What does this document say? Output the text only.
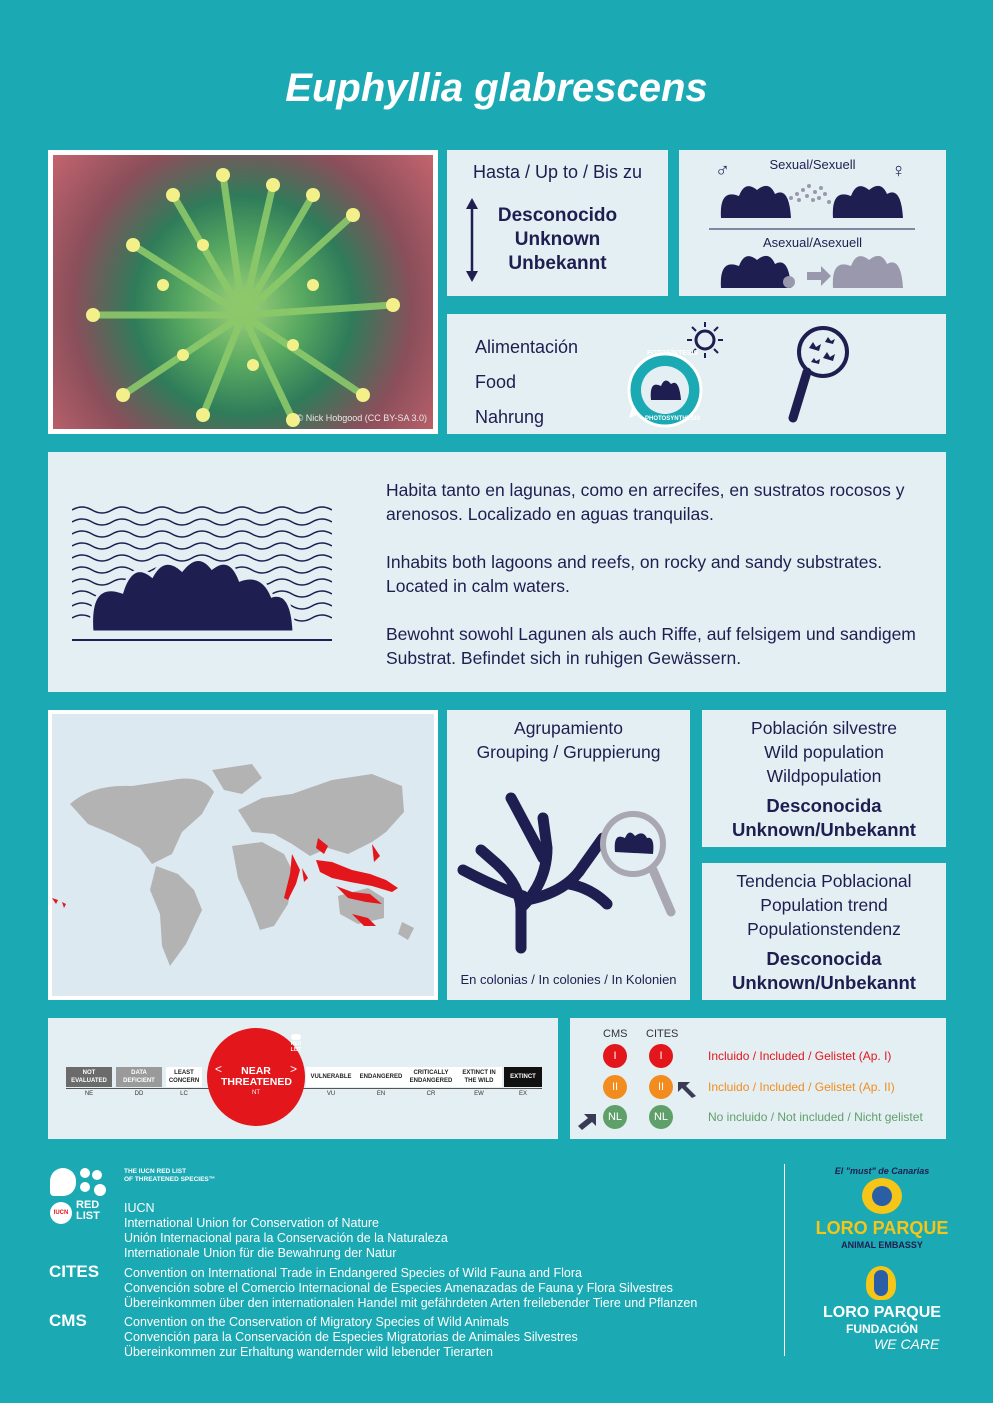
Euphyllia glabrescens
© Nick Hobgood (CC BY-SA 3.0)
Hasta / Up to / Bis zu
Desconocido
Unknown
Unbekannt
Sexual/Sexuell
♂	♀
Asexual/Asexuell
Alimentación
Food
Nahrung
FOTOSÍNTESIS
PHOTOSYNTHESIS

Habita tanto en lagunas, como en arrecifes, en sustratos rocosos y arenosos. Localizado en aguas tranquilas.

Inhabits both lagoons and reefs, on rocky and sandy substrates. Located in calm waters.

Bewohnt sowohl Lagunen als auch Riffe, auf felsigem und sandigem Substrat. Befindet sich in ruhigen Gewässern.

Agrupamiento
Grouping / Gruppierung
En colonias / In colonies / In Kolonien
Población silvestre
Wild population
Wildpopulation
Desconocida
Unknown/Unbekannt
Tendencia Poblacional
Population trend
Populationstendenz
Desconocida
Unknown/Unbekannt
NOT EVALUATED
DATA DEFICIENT
LEAST CONCERN
VULNERABLE	ENDANGERED
CRITICALLY ENDANGERED
EXTINCT IN THE WILD
EXTINCT
NE	DD	LC	VU	EN	CR	EW	EX
<	>
NEAR THREATENED
NT
RED
LIST
CMS CITES
I	I
II	II
NL	NL
Incluido / Included / Gelistet (Ap. I)
Incluido / Included / Gelistet (Ap. II)
No incluido / Not included / Nicht gelistet
IUCN
RED
LIST
THE IUCN RED LIST
OF THREATENED SPECIES™
IUCN
International Union for Conservation of Nature
Unión Internacional para la Conservación de la Naturaleza
Internationale Union für die Bewahrung der Natur
CITES Convention on International Trade in Endangered Species of Wild Fauna and Flora
Convención sobre el Comercio Internacional de Especies Amenazadas de Fauna y Flora Silvestres
Übereinkommen über den internationalen Handel mit gefährdeten Arten freilebender Tiere und Pflanzen
CMS	Convention on the Conservation of Migratory Species of Wild Animals
Convención para la Conservación de Especies Migratorias de Animales Silvestres
Übereinkommen zur Erhaltung wandernder wild lebender Tierarten
El "must" de Canarias
LORO PARQUE
ANIMAL EMBASSY
LORO PARQUE
FUNDACIÓN
WE CARE
